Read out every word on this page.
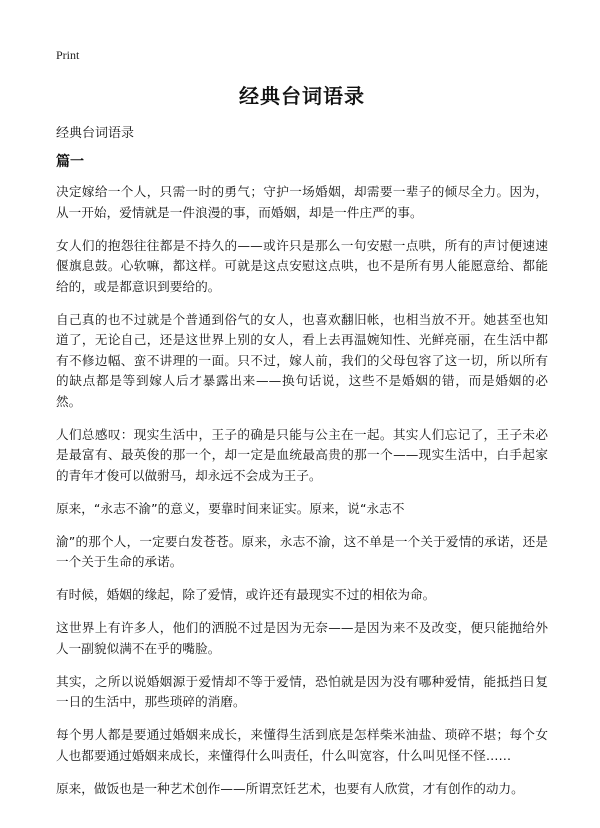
Print
经典台词语录
经典台词语录
篇一

决定嫁给一个人，只需一时的勇气；守护一场婚姻，却需要一辈子的倾尽全力。因为，从一开始，爱情就是一件浪漫的事，而婚姻，却是一件庄严的事。

女人们的抱怨往往都是不持久的——或许只是那么一句安慰一点哄，所有的声讨便速速偃旗息鼓。心软嘛，都这样。可就是这点安慰这点哄，也不是所有男人能愿意给、都能给的，或是都意识到要给的。

自己真的也不过就是个普通到俗气的女人，也喜欢翻旧帐，也相当放不开。她甚至也知道了，无论自己，还是这世界上别的女人，看上去再温婉知性、光鲜亮丽，在生活中都有不修边幅、蛮不讲理的一面。只不过，嫁人前，我们的父母包容了这一切，所以所有的缺点都是等到嫁人后才暴露出来——换句话说，这些不是婚姻的错，而是婚姻的必然。

人们总感叹：现实生活中，王子的确是只能与公主在一起。其实人们忘记了，王子未必是最富有、最英俊的那一个，却一定是血统最高贵的那一个——现实生活中，白手起家的青年才俊可以做驸马，却永远不会成为王子。

原来，“永志不渝”的意义，要靠时间来证实。原来，说“永志不

渝”的那个人，一定要白发苍苍。原来，永志不渝，这不单是一个关于爱情的承诺，还是一个关于生命的承诺。

有时候，婚姻的缘起，除了爱情，或许还有最现实不过的相依为命。

这世界上有许多人，他们的洒脱不过是因为无奈——是因为来不及改变，便只能抛给外人一副貌似满不在乎的嘴脸。

其实，之所以说婚姻源于爱情却不等于爱情，恐怕就是因为没有哪种爱情，能抵挡日复一日的生活中，那些琐碎的消磨。

每个男人都是要通过婚姻来成长，来懂得生活到底是怎样柴米油盐、琐碎不堪；每个女人也都要通过婚姻来成长，来懂得什么叫责任，什么叫宽容，什么叫见怪不怪……

原来，做饭也是一种艺术创作——所谓烹饪艺术，也要有人欣赏，才有创作的动力。
